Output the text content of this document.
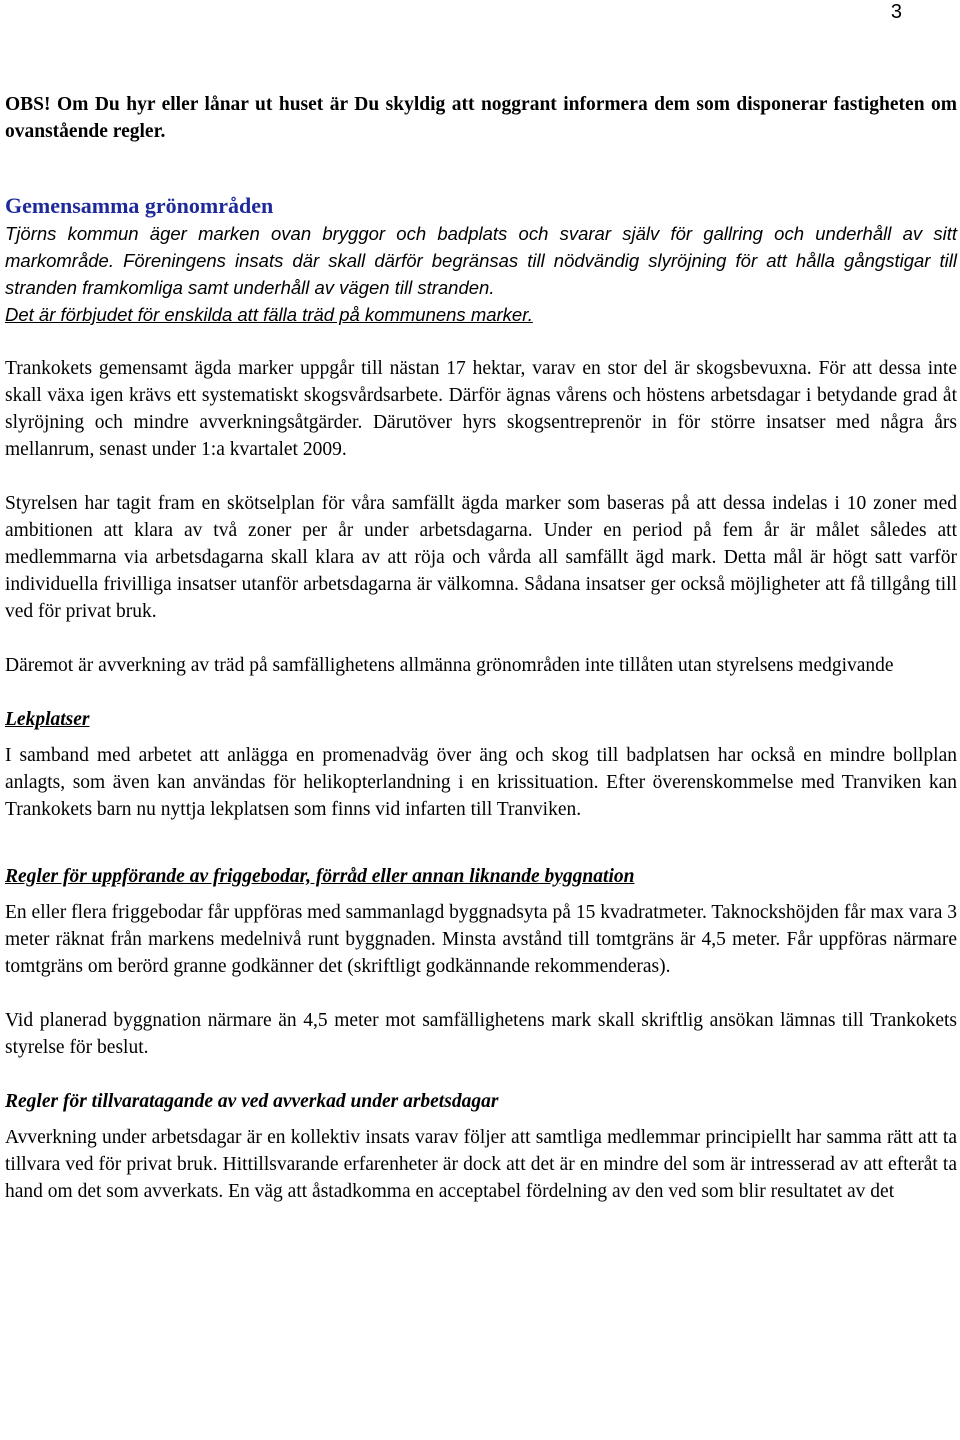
3

OBS! Om Du hyr eller lånar ut huset är Du skyldig att noggrant informera dem som disponerar fastigheten om ovanstående regler.

Gemensamma grönområden

Tjörns kommun äger marken ovan bryggor och badplats och svarar själv för gallring och underhåll av sitt markområde. Föreningens insats där skall därför begränsas till nödvändig slyröjning för att hålla gångstigar till stranden framkomliga samt underhåll av vägen till stranden.
Det är förbjudet för enskilda att fälla träd på kommunens marker.

Trankokets gemensamt ägda marker uppgår till nästan 17 hektar, varav en stor del är skogsbevuxna. För att dessa inte skall växa igen krävs ett systematiskt skogsvårdsarbete. Därför ägnas vårens och höstens arbetsdagar i betydande grad åt slyröjning och mindre avverkningsåtgärder. Därutöver hyrs skogsentreprenör in för större insatser med några års mellanrum, senast under 1:a kvartalet 2009.

Styrelsen har tagit fram en skötselplan för våra samfällt ägda marker som baseras på att dessa indelas i 10 zoner med ambitionen att klara av två zoner per år under arbetsdagarna. Under en period på fem år är målet således att medlemmarna via arbetsdagarna skall klara av att röja och vårda all samfällt ägd mark. Detta mål är högt satt varför individuella frivilliga insatser utanför arbetsdagarna är välkomna. Sådana insatser ger också möjligheter att få tillgång till ved för privat bruk.

Däremot är avverkning av träd på samfällighetens allmänna grönområden inte tillåten utan styrelsens medgivande

Lekplatser

I samband med arbetet att anlägga en promenadväg över äng och skog till badplatsen har också en mindre bollplan anlagts, som även kan användas för helikopterlandning i en krissituation. Efter överenskommelse med Tranviken kan Trankokets barn nu nyttja lekplatsen som finns vid infarten till Tranviken.

Regler för uppförande av friggebodar, förråd eller annan liknande byggnation

En eller flera friggebodar får uppföras med sammanlagd byggnadsyta på 15 kvadratmeter. Taknockshöjden får max vara 3 meter räknat från markens medelnivå runt byggnaden. Minsta avstånd till tomtgräns är 4,5 meter. Får uppföras närmare tomtgräns om berörd granne godkänner det (skriftligt godkännande rekommenderas).

Vid planerad byggnation närmare än 4,5 meter mot samfällighetens mark skall skriftlig ansökan lämnas till Trankokets styrelse för beslut.

Regler för tillvaratagande av ved avverkad under arbetsdagar

Avverkning under arbetsdagar är en kollektiv insats varav följer att samtliga medlemmar principiellt har samma rätt att ta tillvara ved för privat bruk. Hittillsvarande erfarenheter är dock att det är en mindre del som är intresserad av att efteråt ta hand om det som avverkats. En väg att åstadkomma en acceptabel fördelning av den ved som blir resultatet av det
